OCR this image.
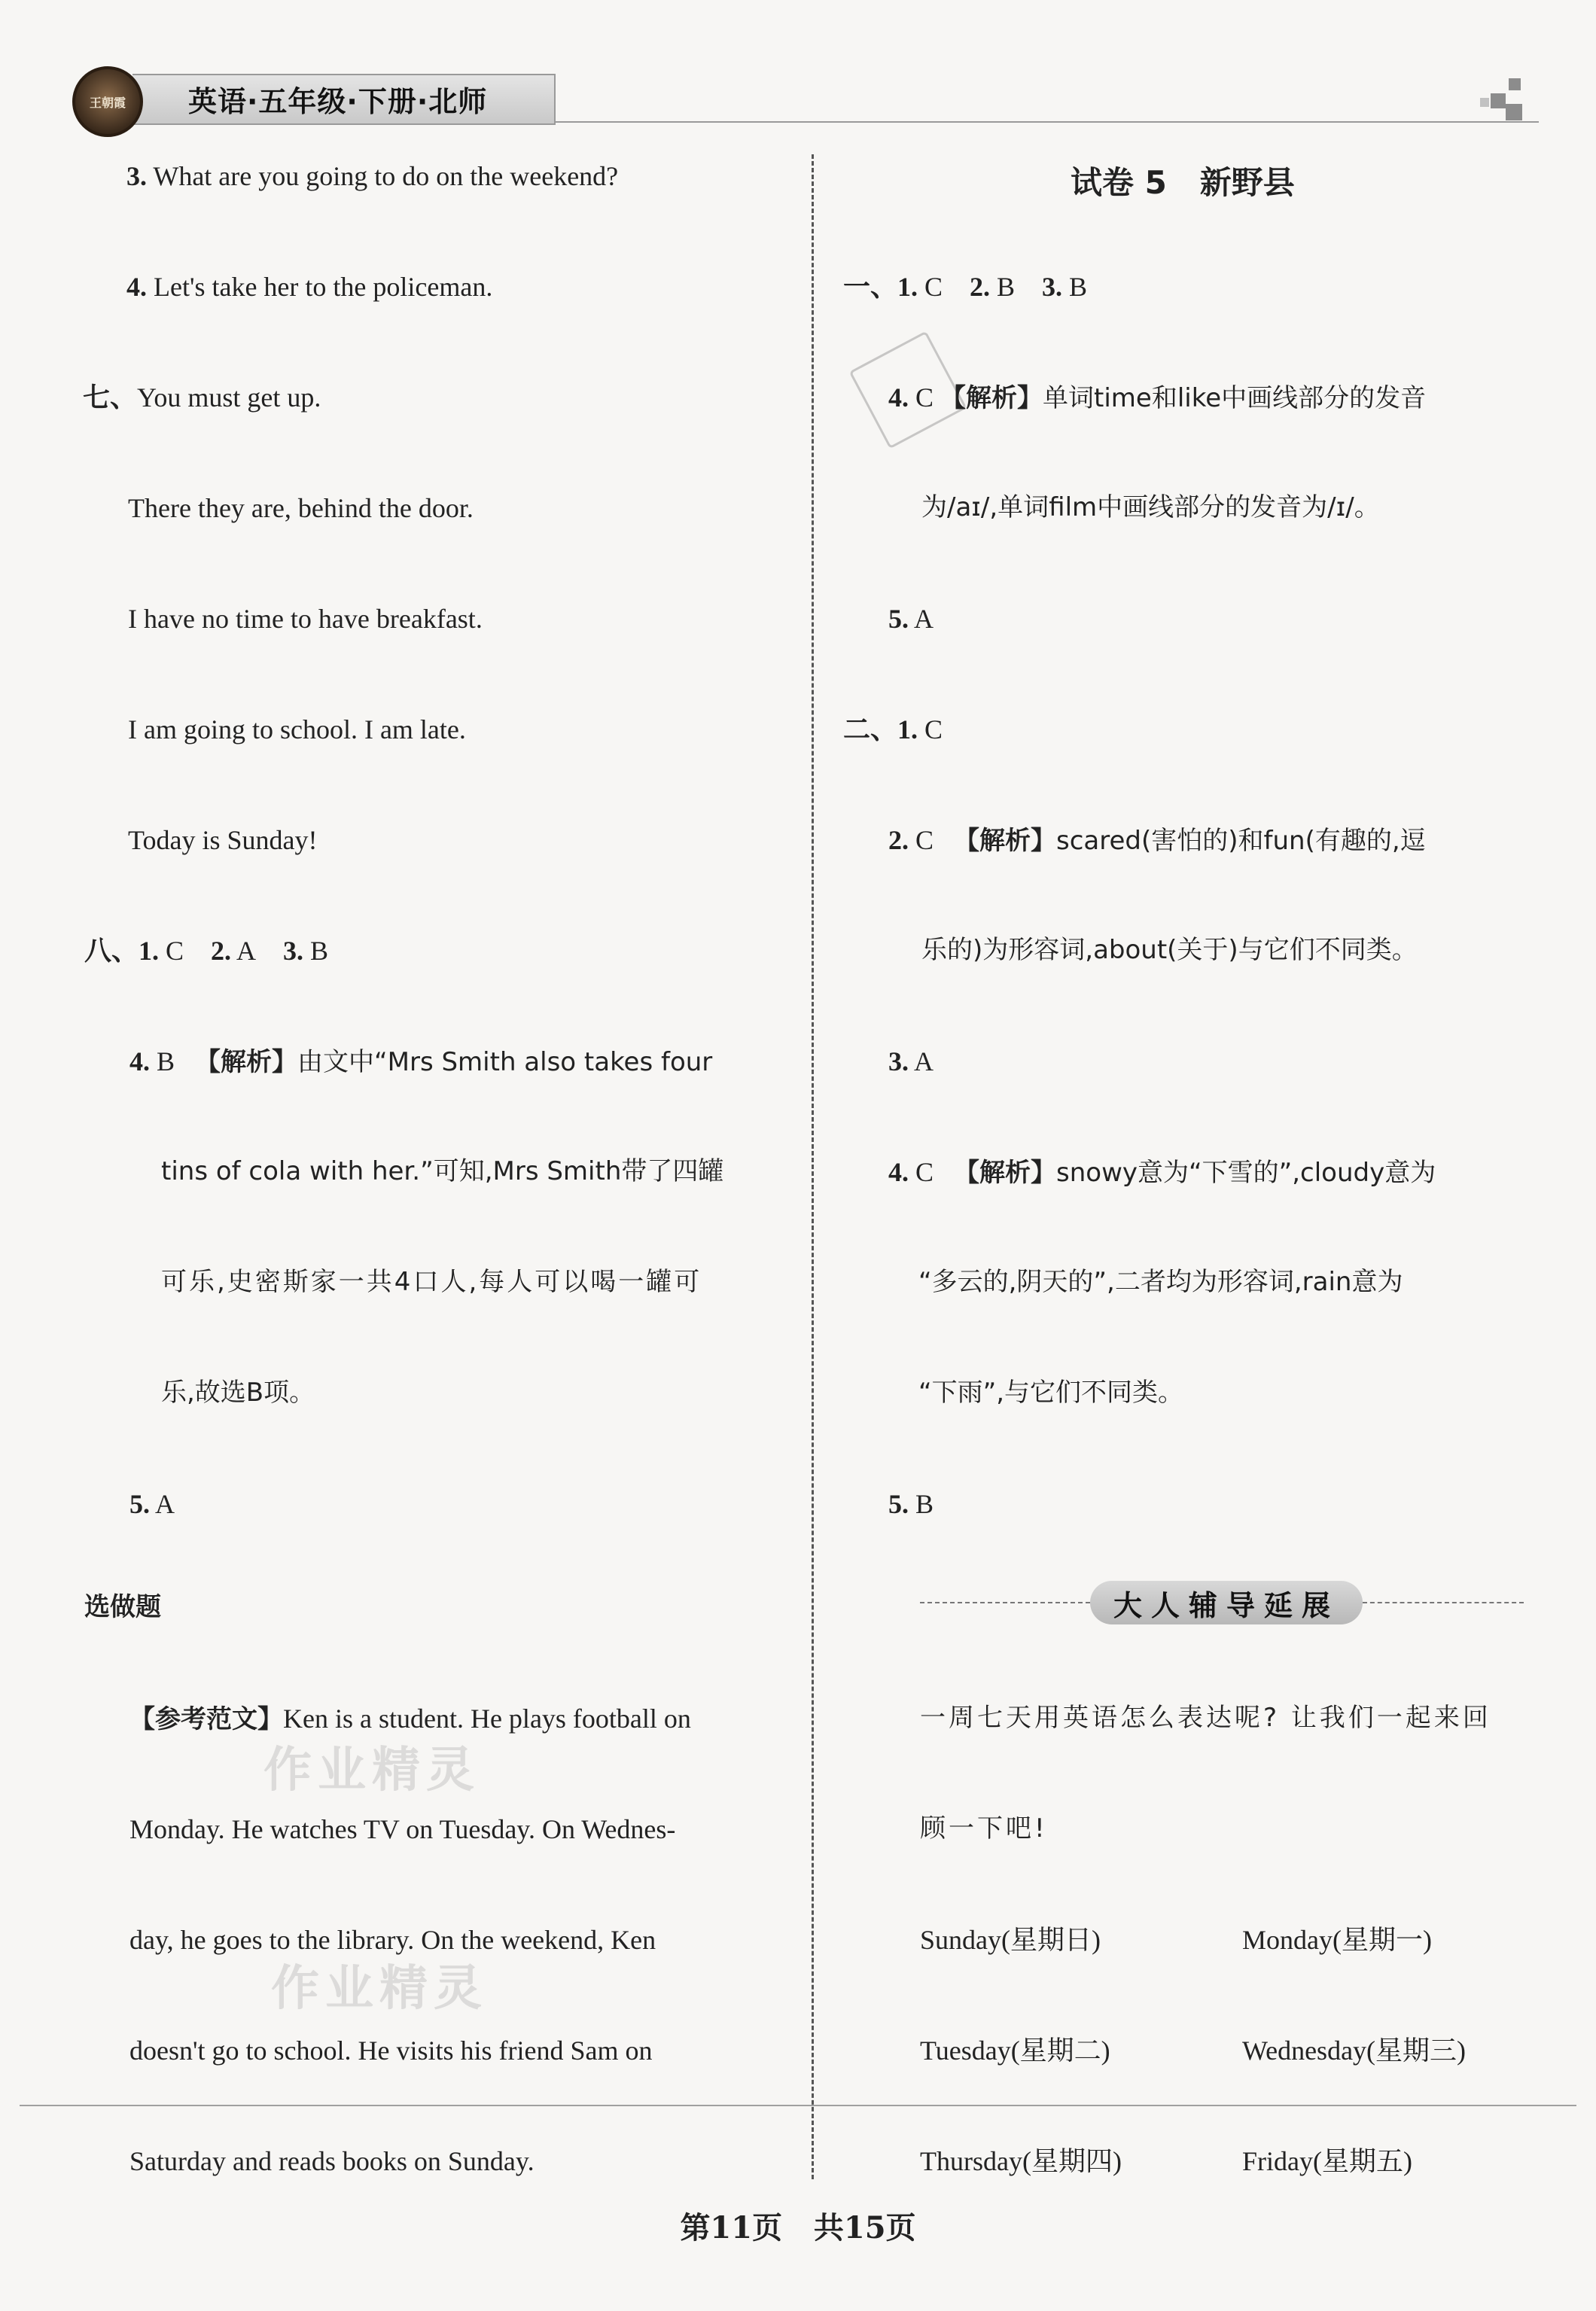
王朝霞 英语·五年级·下册·北师
3. What are you going to do on the weekend?
4. Let's take her to the policeman.
七、You must get up.
There they are, behind the door.
I have no time to have breakfast.
I am going to school. I am late.
Today is Sunday!
八、1. C 2. A 3. B
4. B 【解析】由文中“Mrs Smith also takes four
tins of cola with her.”可知,Mrs Smith带了四罐
可乐,史密斯家一共4口人,每人可以喝一罐可
乐,故选B项。
5. A
选做题
【参考范文】Ken is a student. He plays football on
Monday. He watches TV on Tuesday. On Wednes-
day, he goes to the library. On the weekend, Ken
doesn't go to school. He visits his friend Sam on
Saturday and reads books on Sunday.
作业精灵
作业精灵
试卷 5   新野县
一、1. C 2. B 3. B
4. C 【解析】单词time和like中画线部分的发音
为/aɪ/,单词film中画线部分的发音为/ɪ/。
5. A
二、1. C
2. C 【解析】scared(害怕的)和fun(有趣的,逗
乐的)为形容词,about(关于)与它们不同类。
3. A
4. C 【解析】snowy意为“下雪的”,cloudy意为
“多云的,阴天的”,二者均为形容词,rain意为
“下雨”,与它们不同类。
5. B
大人辅导延展
一周七天用英语怎么表达呢? 让我们一起来回
顾一下吧!
Sunday(星期日)	Monday(星期一)
Tuesday(星期二)	Wednesday(星期三)
Thursday(星期四)	Friday(星期五)
第11页   共15页
